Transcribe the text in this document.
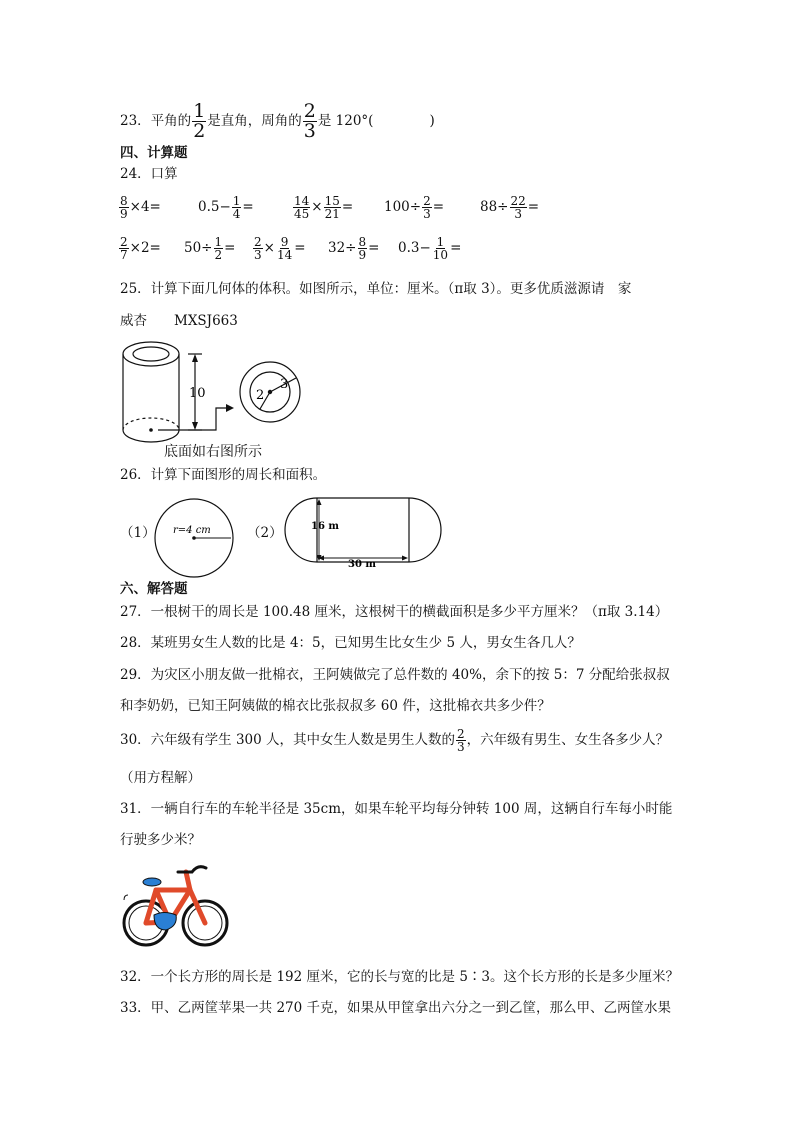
23．平角的 $\frac{1}{2}$ 是直角，周角的 $\frac{2}{3}$ 是 120°(	)
四、计算题
24．口算
$\frac{8}{9} \times 4=$	$0.5- \frac{1}{4}$ =	$\frac{14}{45} \times \frac{15}{21} = 100\div \frac{2}{3}$ =	$88\div \frac{22}{3}$ =
$\frac{2}{7} \times 2= 50\div \frac{1}{2} = \frac{2}{3} \times \frac{9}{14} = 32\div \frac{8}{9} = 0.3- \frac{1}{10}$ =
25．计算下面几何体的体积。如图所示，单位：厘米。（π取 3）。更多优质滋源请　家
威杏　　MXSJ663
10	2
3
底面如右图所示
26．计算下面图形的周长和面积。
（1） r=4 cm	（2）	16 m
30 m
六、解答题
27．一根树干的周长是 100.48 厘米，这根树干的横截面积是多少平方厘米？（π取 3.14）
28．某班男女生人数的比是 4：5，已知男生比女生少 5 人，男女生各几人？
29．为灾区小朋友做一批棉衣，王阿姨做完了总件数的 40%，余下的按 5：7 分配给张叔叔
和李奶奶，已知王阿姨做的棉衣比张叔叔多 60 件，这批棉衣共多少件？
30．六年级有学生 300 人，其中女生人数是男生人数的 $\frac{2}{3}$ ，六年级有男生、女生各多少人？
（用方程解）
31．一辆自行车的车轮半径是 35cm，如果车轮平均每分钟转 100 周，这辆自行车每小时能
行驶多少米？
32．一个长方形的周长是 192 厘米，它的长与宽的比是 5∶3。这个长方形的长是多少厘米？
33．甲、乙两筐苹果一共 270 千克，如果从甲筐拿出六分之一到乙筐，那么甲、乙两筐水果
